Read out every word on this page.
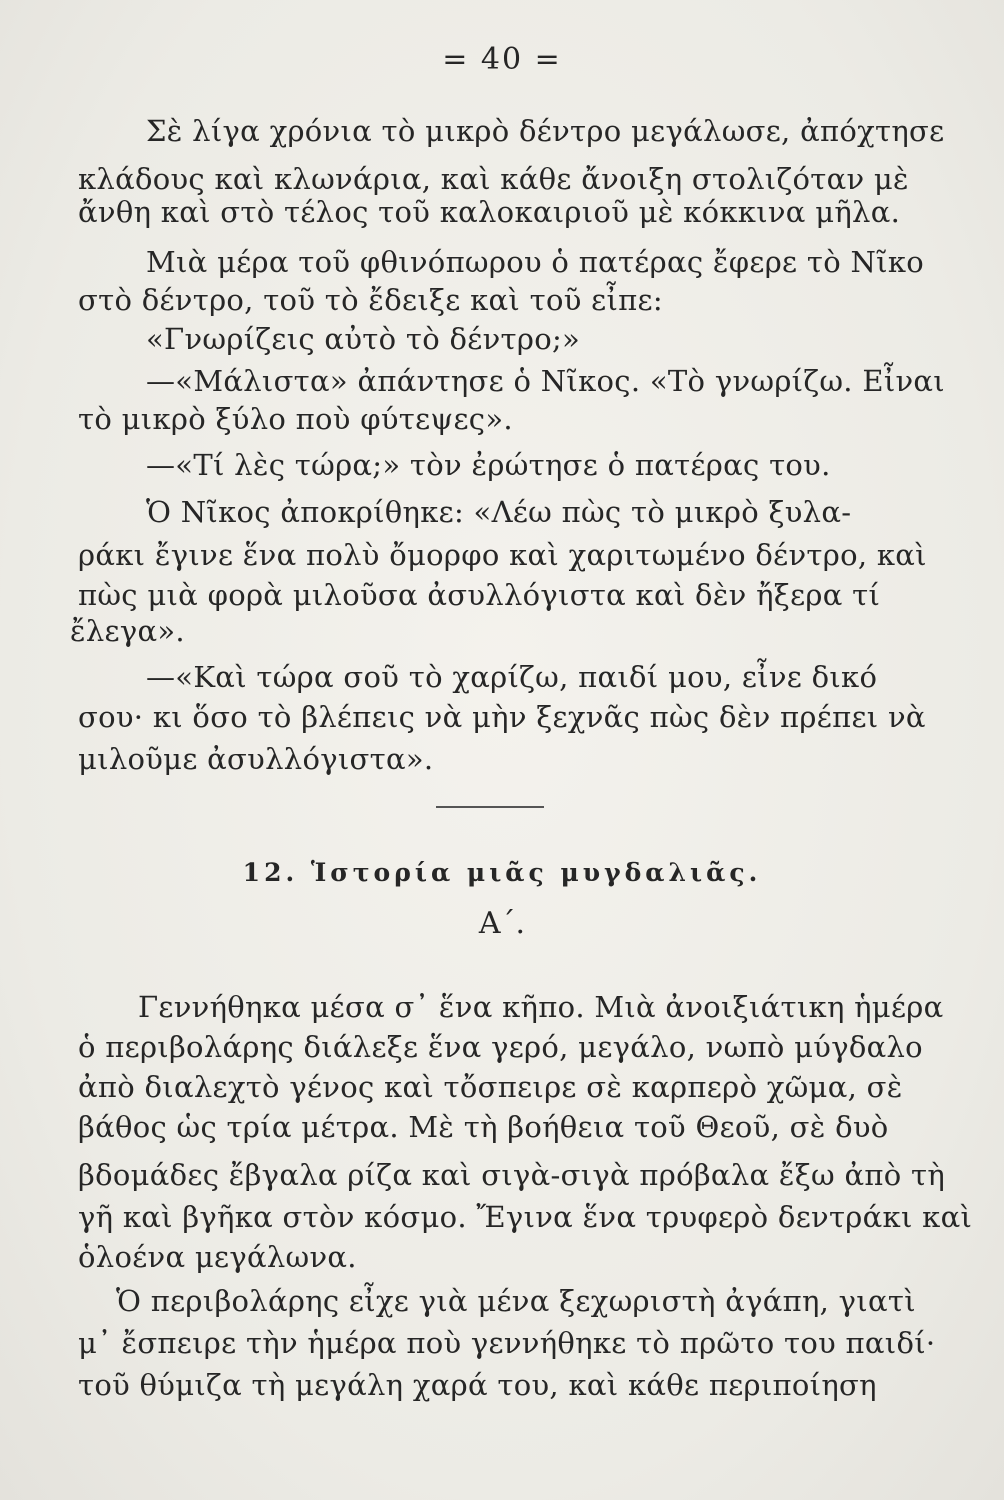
= 40 =
Σὲ λίγα χρόνια τὸ μικρὸ δέντρο μεγάλωσε, ἀπόχτησε
κλάδους καὶ κλωνάρια, καὶ κάθε ἄνοιξη στολιζόταν μὲ
ἄνθη καὶ στὸ τέλος τοῦ καλοκαιριοῦ μὲ κόκκινα μῆλα.
Μιὰ μέρα τοῦ φθινόπωρου ὁ πατέρας ἔφερε τὸ Νῖκο
στὸ δέντρο, τοῦ τὸ ἔδειξε καὶ τοῦ εἶπε:
«Γνωρίζεις αὐτὸ τὸ δέντρο;»
—«Μάλιστα» ἀπάντησε ὁ Νῖκος. «Τὸ γνωρίζω. Εἶναι
τὸ μικρὸ ξύλο ποὺ φύτεψες».
—«Τί λὲς τώρα;» τὸν ἐρώτησε ὁ πατέρας του.
Ὁ Νῖκος ἀποκρίθηκε: «Λέω πὼς τὸ μικρὸ ξυλα-
ράκι ἔγινε ἕνα πολὺ ὄμορφο καὶ χαριτωμένο δέντρο, καὶ
πὼς μιὰ φορὰ μιλοῦσα ἀσυλλόγιστα καὶ δὲν ἤξερα τί
ἔλεγα».
—«Καὶ τώρα σοῦ τὸ χαρίζω, παιδί μου, εἶνε δικό
σου· κι ὅσο τὸ βλέπεις νὰ μὴν ξεχνᾶς πὼς δὲν πρέπει νὰ
μιλοῦμε ἀσυλλόγιστα».
12. Ἱστορία μιᾶς μυγδαλιᾶς.
Α΄.
Γεννήθηκα μέσα σ᾽ ἕνα κῆπο. Μιὰ ἀνοιξιάτικη ἡμέρα
ὁ περιβολάρης διάλεξε ἕνα γερό, μεγάλο, νωπὸ μύγδαλο
ἀπὸ διαλεχτὸ γένος καὶ τὄσπειρε σὲ καρπερὸ χῶμα, σὲ
βάθος ὡς τρία μέτρα. Μὲ τὴ βοήθεια τοῦ Θεοῦ, σὲ δυὸ
βδομάδες ἔβγαλα ρίζα καὶ σιγὰ-σιγὰ πρόβαλα ἔξω ἀπὸ τὴ
γῆ καὶ βγῆκα στὸν κόσμο. Ἔγινα ἕνα τρυφερὸ δεντράκι καὶ
ὁλοένα μεγάλωνα.
Ὁ περιβολάρης εἶχε γιὰ μένα ξεχωριστὴ ἀγάπη, γιατὶ
μ᾽ ἔσπειρε τὴν ἡμέρα ποὺ γεννήθηκε τὸ πρῶτο του παιδί·
τοῦ θύμιζα τὴ μεγάλη χαρά του, καὶ κάθε περιποίηση
